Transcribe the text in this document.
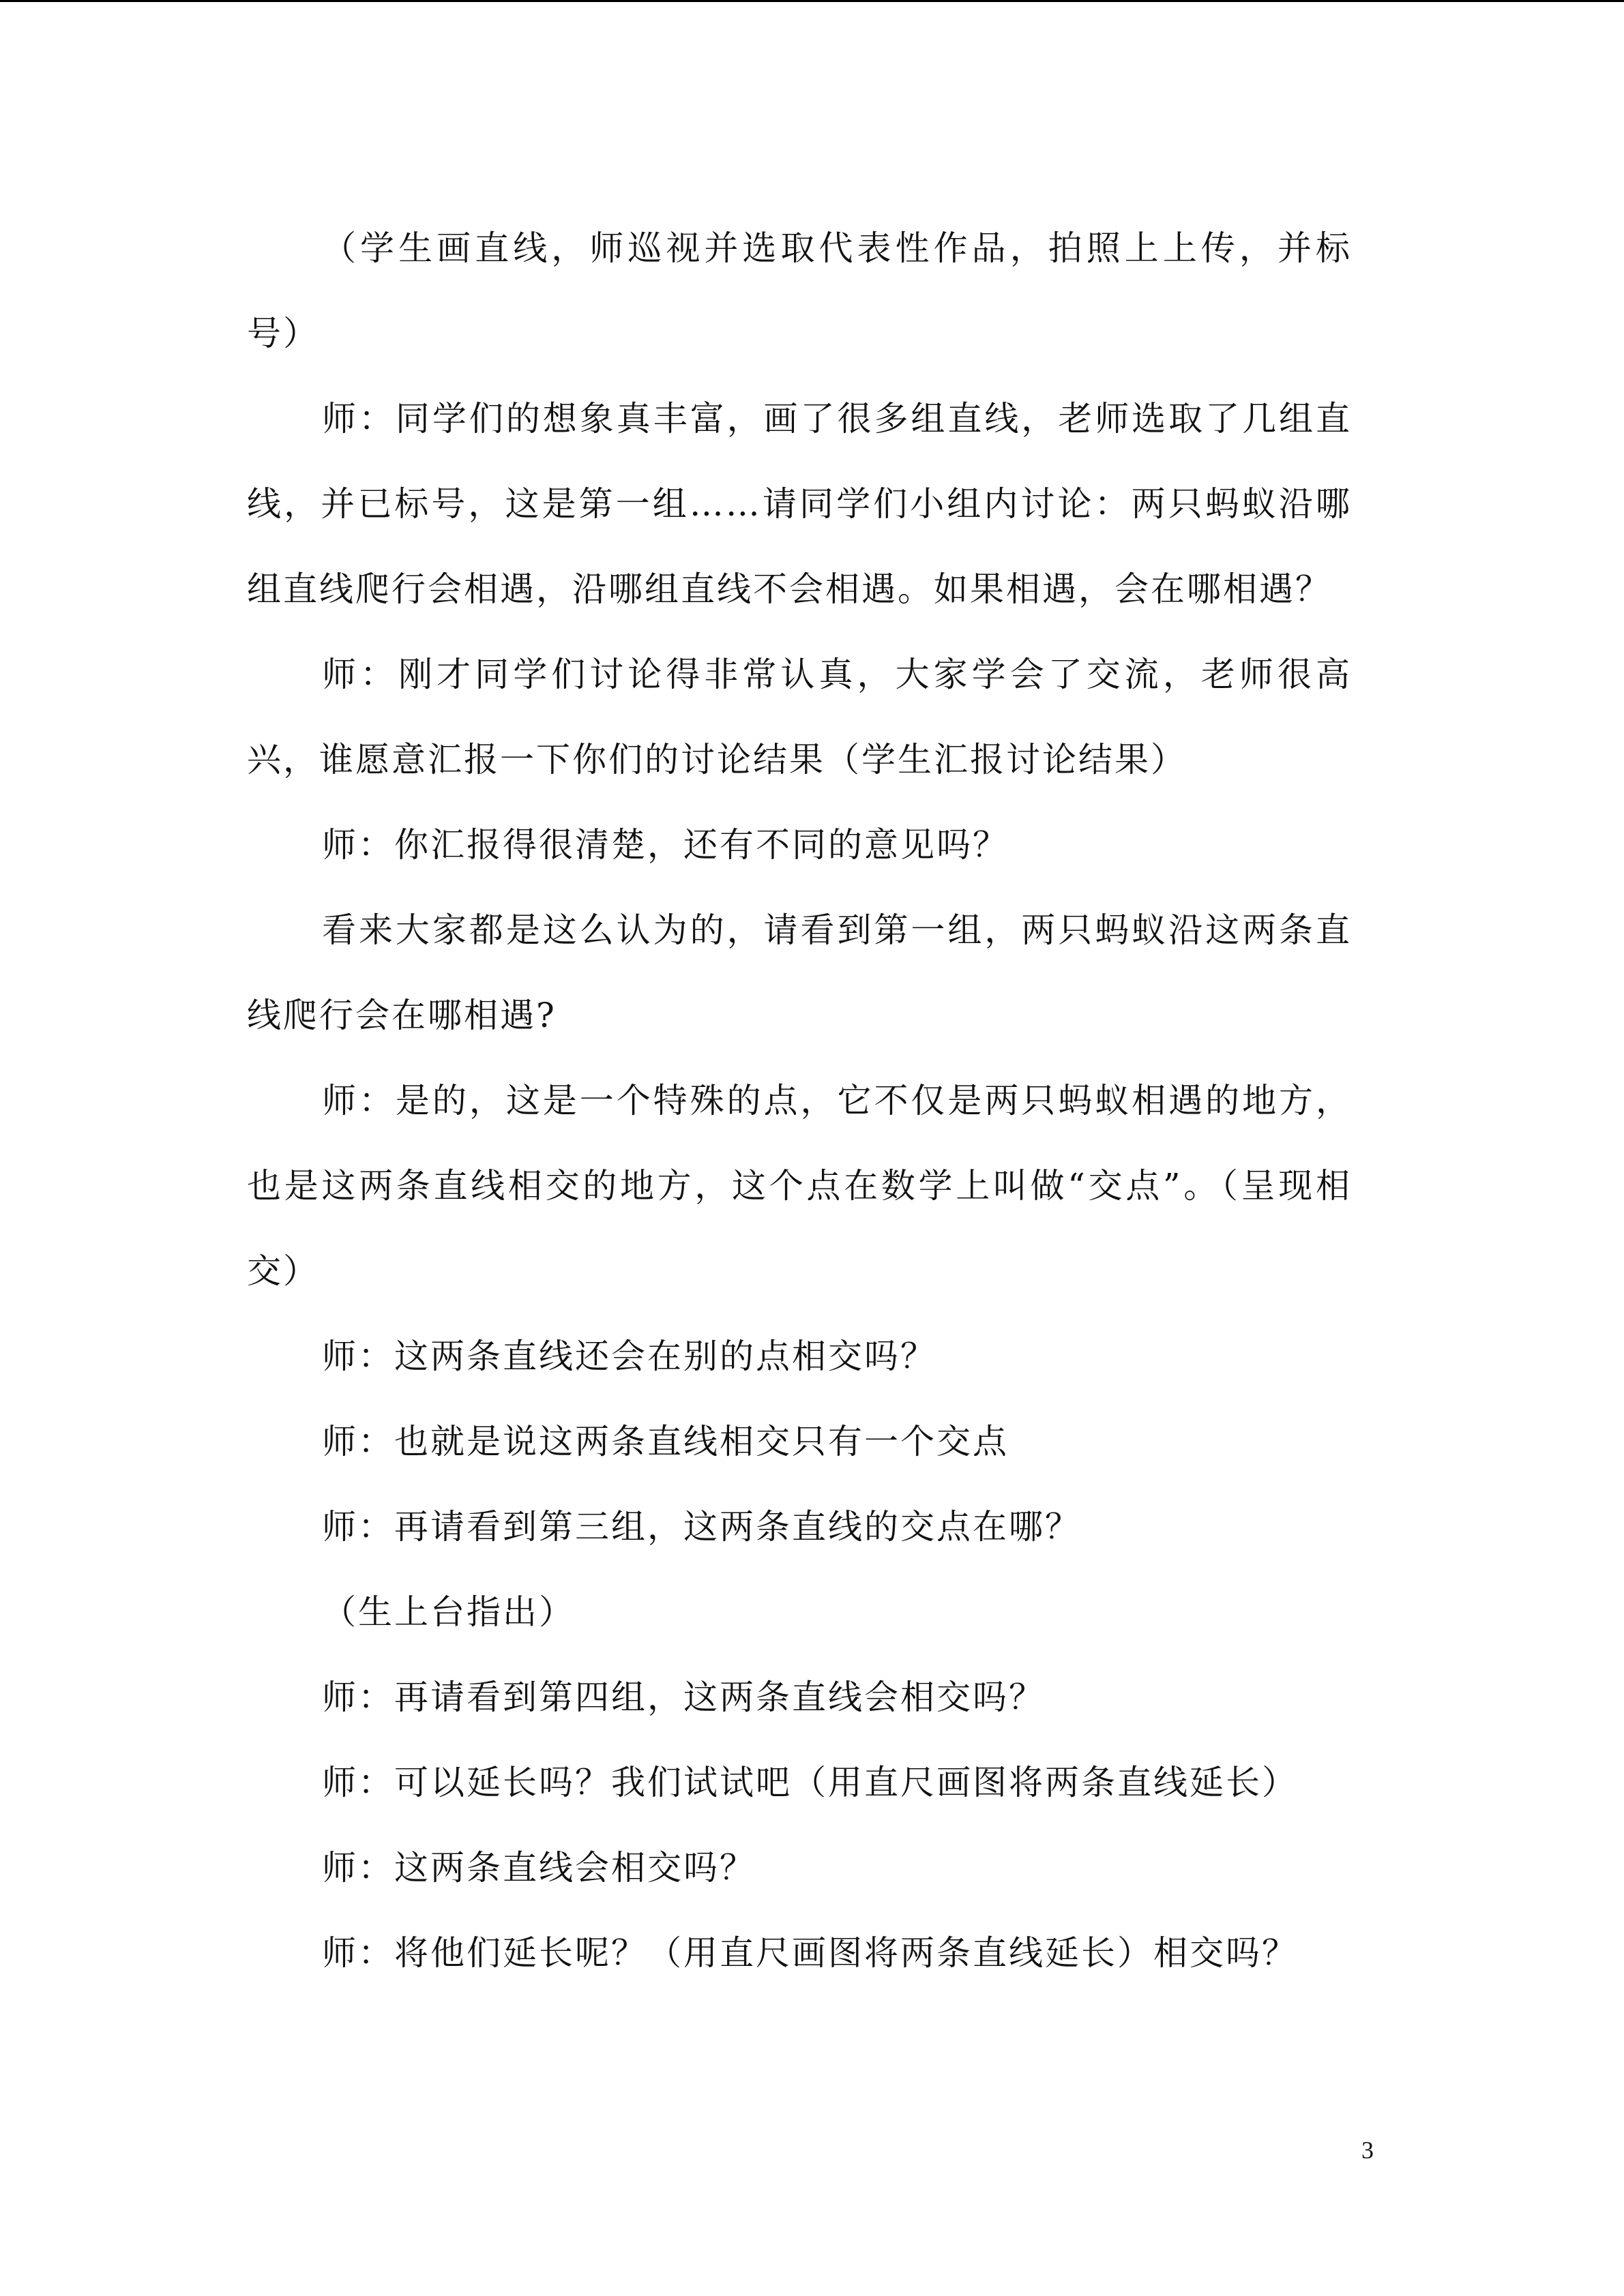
（学生画直线，师巡视并选取代表性作品，拍照上上传，并标号）

师：同学们的想象真丰富，画了很多组直线，老师选取了几组直线，并已标号，这是第一组……请同学们小组内讨论：两只蚂蚁沿哪组直线爬行会相遇，沿哪组直线不会相遇。如果相遇，会在哪相遇？

师：刚才同学们讨论得非常认真，大家学会了交流，老师很高兴，谁愿意汇报一下你们的讨论结果（学生汇报讨论结果）

师：你汇报得很清楚，还有不同的意见吗？

看来大家都是这么认为的，请看到第一组，两只蚂蚁沿这两条直线爬行会在哪相遇?

师：是的，这是一个特殊的点，它不仅是两只蚂蚁相遇的地方，也是这两条直线相交的地方，这个点在数学上叫做“交点”。（呈现相交）

师：这两条直线还会在别的点相交吗？

师：也就是说这两条直线相交只有一个交点

师：再请看到第三组，这两条直线的交点在哪？

（生上台指出）

师：再请看到第四组，这两条直线会相交吗？

师：可以延长吗？我们试试吧（用直尺画图将两条直线延长）

师：这两条直线会相交吗？

师：将他们延长呢？（用直尺画图将两条直线延长）相交吗？

3
